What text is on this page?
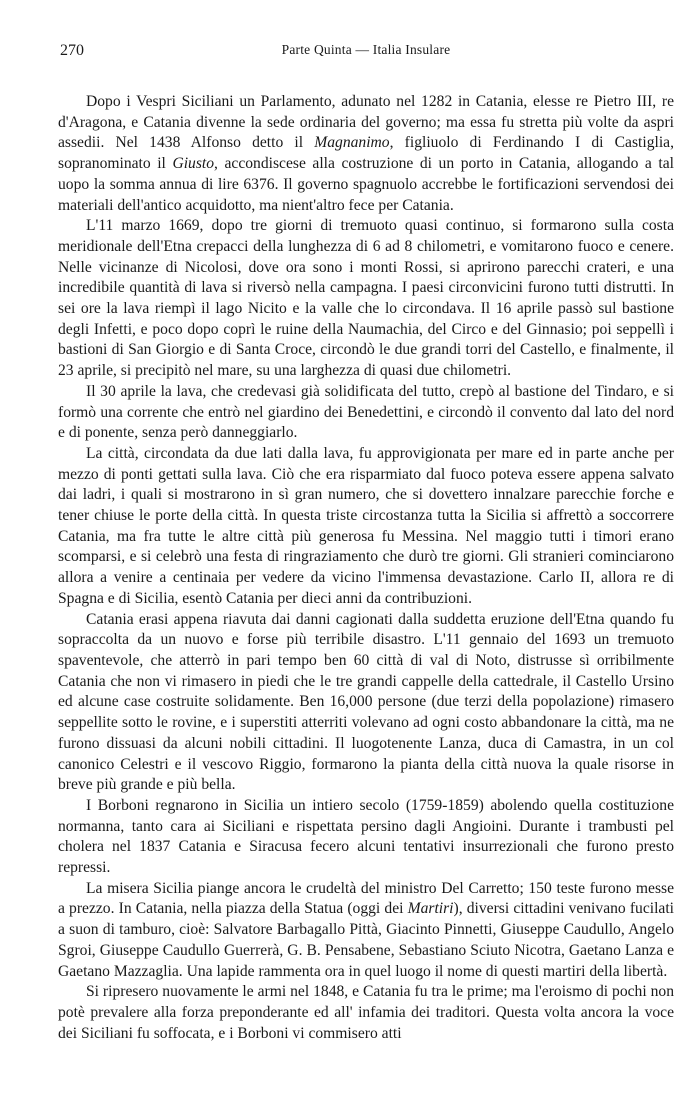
270	Parte Quinta — Italia Insulare

Dopo i Vespri Siciliani un Parlamento, adunato nel 1282 in Catania, elesse re Pietro III, re d'Aragona, e Catania divenne la sede ordinaria del governo; ma essa fu stretta più volte da aspri assedii. Nel 1438 Alfonso detto il Magnanimo, figliuolo di Ferdinando I di Castiglia, sopranominato il Giusto, accondiscese alla costruzione di un porto in Catania, allogando a tal uopo la somma annua di lire 6376. Il governo spagnuolo accrebbe le fortificazioni servendosi dei materiali dell'antico acquidotto, ma nient'altro fece per Catania.

L'11 marzo 1669, dopo tre giorni di tremuoto quasi continuo, si formarono sulla costa meridionale dell'Etna crepacci della lunghezza di 6 ad 8 chilometri, e vomitarono fuoco e cenere. Nelle vicinanze di Nicolosi, dove ora sono i monti Rossi, si aprirono parecchi crateri, e una incredibile quantità di lava si riversò nella campagna. I paesi circonvicini furono tutti distrutti. In sei ore la lava riempì il lago Nicito e la valle che lo circondava. Il 16 aprile passò sul bastione degli Infetti, e poco dopo coprì le ruine della Naumachia, del Circo e del Ginnasio; poi seppellì i bastioni di San Giorgio e di Santa Croce, circondò le due grandi torri del Castello, e finalmente, il 23 aprile, si precipitò nel mare, su una larghezza di quasi due chilometri.

Il 30 aprile la lava, che credevasi già solidificata del tutto, crepò al bastione del Tindaro, e si formò una corrente che entrò nel giardino dei Benedettini, e circondò il convento dal lato del nord e di ponente, senza però danneggiarlo.

La città, circondata da due lati dalla lava, fu approvigionata per mare ed in parte anche per mezzo di ponti gettati sulla lava. Ciò che era risparmiato dal fuoco poteva essere appena salvato dai ladri, i quali si mostrarono in sì gran numero, che si dovettero innalzare parecchie forche e tener chiuse le porte della città. In questa triste circostanza tutta la Sicilia si affrettò a soccorrere Catania, ma fra tutte le altre città più generosa fu Messina. Nel maggio tutti i timori erano scomparsi, e si celebrò una festa di ringraziamento che durò tre giorni. Gli stranieri cominciarono allora a venire a centinaia per vedere da vicino l'immensa devastazione. Carlo II, allora re di Spagna e di Sicilia, esentò Catania per dieci anni da contribuzioni.

Catania erasi appena riavuta dai danni cagionati dalla suddetta eruzione dell'Etna quando fu sopraccolta da un nuovo e forse più terribile disastro. L'11 gennaio del 1693 un tremuoto spaventevole, che atterrò in pari tempo ben 60 città di val di Noto, distrusse sì orribilmente Catania che non vi rimasero in piedi che le tre grandi cappelle della cattedrale, il Castello Ursino ed alcune case costruite solidamente. Ben 16,000 persone (due terzi della popolazione) rimasero seppellite sotto le rovine, e i superstiti atterriti volevano ad ogni costo abbandonare la città, ma ne furono dissuasi da alcuni nobili cittadini. Il luogotenente Lanza, duca di Camastra, in un col canonico Celestri e il vescovo Riggio, formarono la pianta della città nuova la quale risorse in breve più grande e più bella.

I Borboni regnarono in Sicilia un intiero secolo (1759-1859) abolendo quella costituzione normanna, tanto cara ai Siciliani e rispettata persino dagli Angioini. Durante i trambusti pel cholera nel 1837 Catania e Siracusa fecero alcuni tentativi insurrezionali che furono presto repressi.

La misera Sicilia piange ancora le crudeltà del ministro Del Carretto; 150 teste furono messe a prezzo. In Catania, nella piazza della Statua (oggi dei Martiri), diversi cittadini venivano fucilati a suon di tamburo, cioè: Salvatore Barbagallo Pittà, Giacinto Pinnetti, Giuseppe Caudullo, Angelo Sgroi, Giuseppe Caudullo Guerrerà, G. B. Pensabene, Sebastiano Sciuto Nicotra, Gaetano Lanza e Gaetano Mazzaglia. Una lapide rammenta ora in quel luogo il nome di questi martiri della libertà.

Si ripresero nuovamente le armi nel 1848, e Catania fu tra le prime; ma l'eroismo di pochi non potè prevalere alla forza preponderante ed all' infamia dei traditori. Questa volta ancora la voce dei Siciliani fu soffocata, e i Borboni vi commisero atti
